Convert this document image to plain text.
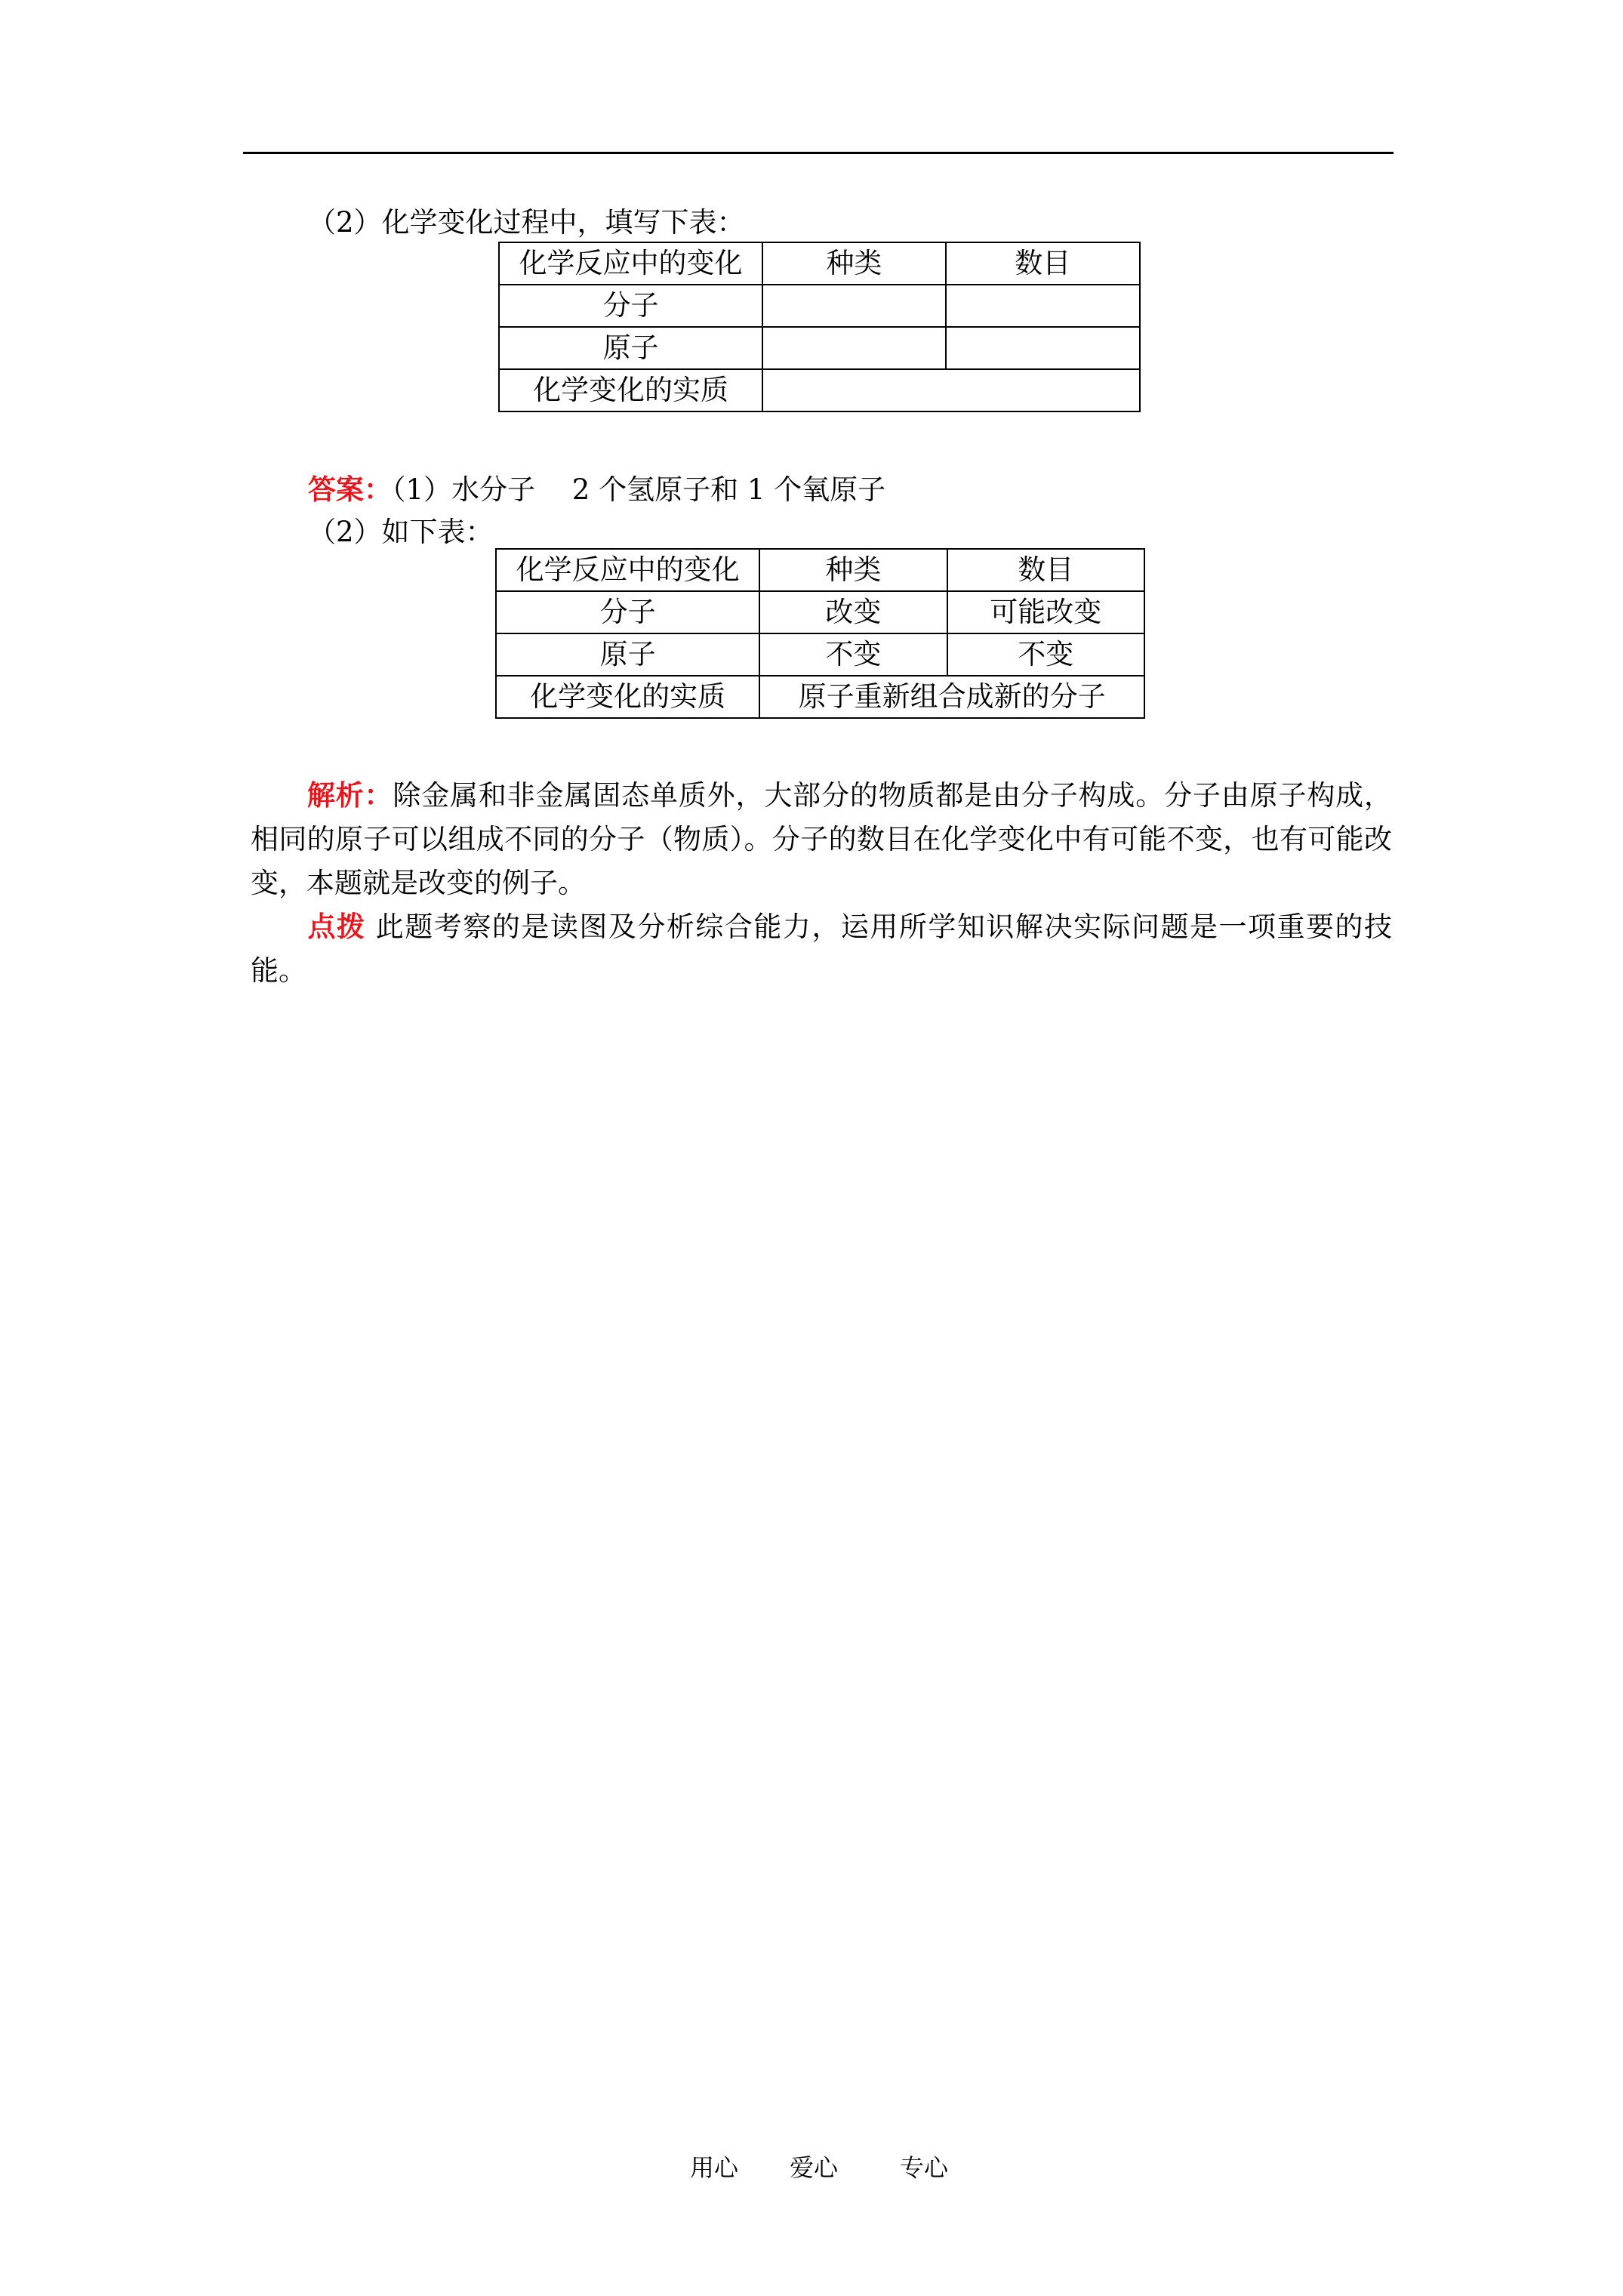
（2）化学变化过程中，填写下表：
化学反应中的变化	种类	数目
分子		
原子		
化学变化的实质		
答案：（1）水分子　 2 个氢原子和 1 个氧原子
（2）如下表：
化学反应中的变化	种类	数目
分子	改变	可能改变
原子	不变	不变
化学变化的实质	原子重新组合成新的分子	
解析：除金属和非金属固态单质外，大部分的物质都是由分子构成。分子由原子构成，相同的原子可以组成不同的分子（物质）。分子的数目在化学变化中有可能不变，也有可能改变，本题就是改变的例子。
点拨 此题考察的是读图及分析综合能力，运用所学知识解决实际问题是一项重要的技能。
用心 爱心	专心
